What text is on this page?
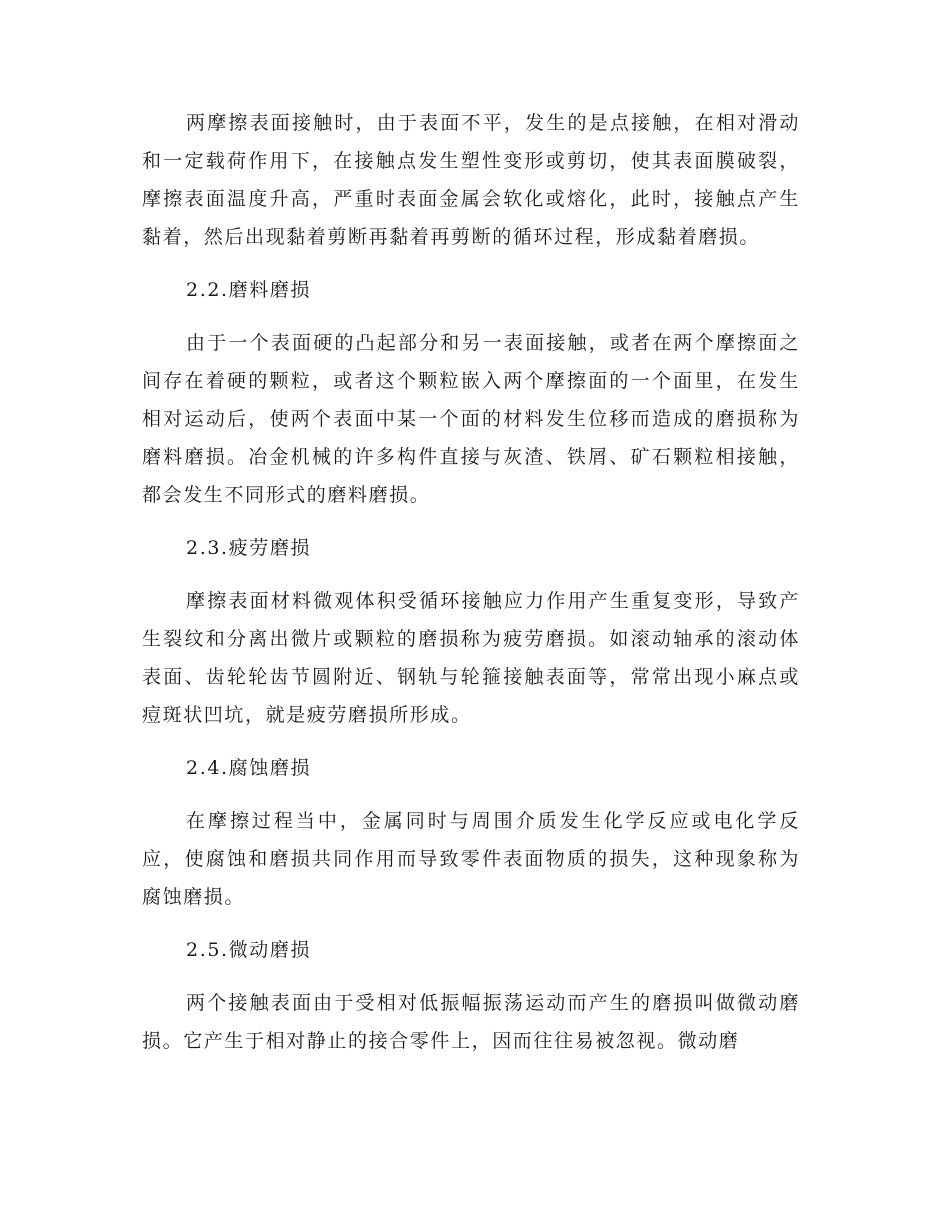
两摩擦表面接触时，由于表面不平，发生的是点接触，在相对滑动和一定载荷作用下，在接触点发生塑性变形或剪切，使其表面膜破裂，摩擦表面温度升高，严重时表面金属会软化或熔化，此时，接触点产生黏着，然后出现黏着剪断再黏着再剪断的循环过程，形成黏着磨损。

2.2.磨料磨损

由于一个表面硬的凸起部分和另一表面接触，或者在两个摩擦面之间存在着硬的颗粒，或者这个颗粒嵌入两个摩擦面的一个面里，在发生相对运动后，使两个表面中某一个面的材料发生位移而造成的磨损称为磨料磨损。冶金机械的许多构件直接与灰渣、铁屑、矿石颗粒相接触，都会发生不同形式的磨料磨损。

2.3.疲劳磨损

摩擦表面材料微观体积受循环接触应力作用产生重复变形，导致产生裂纹和分离出微片或颗粒的磨损称为疲劳磨损。如滚动轴承的滚动体表面、齿轮轮齿节圆附近、钢轨与轮箍接触表面等，常常出现小麻点或痘斑状凹坑，就是疲劳磨损所形成。

2.4.腐蚀磨损

在摩擦过程当中，金属同时与周围介质发生化学反应或电化学反应，使腐蚀和磨损共同作用而导致零件表面物质的损失，这种现象称为腐蚀磨损。

2.5.微动磨损

两个接触表面由于受相对低振幅振荡运动而产生的磨损叫做微动磨损。它产生于相对静止的接合零件上，因而往往易被忽视。微动磨
